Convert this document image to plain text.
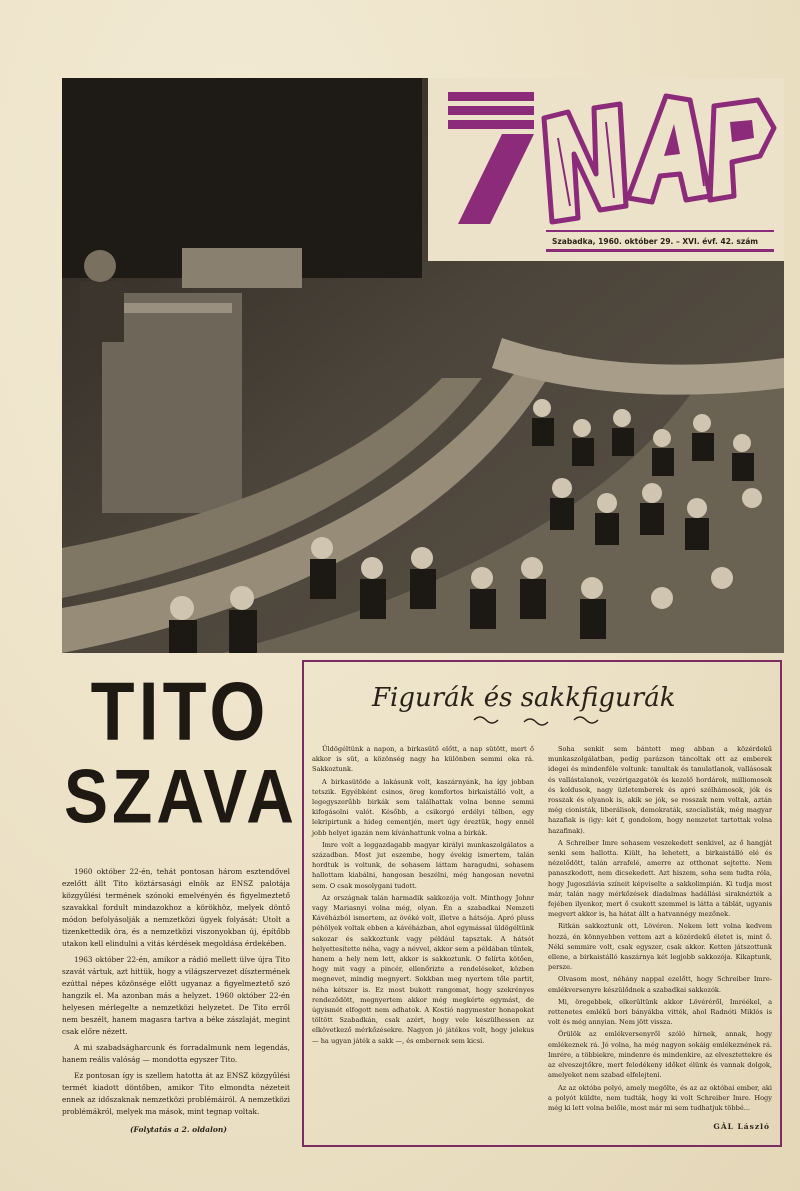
Szabadka, 1960. október 29. – XVI. évf. 42. szám
TITO
SZAVA

1960 október 22-én, tehát pontosan három esztendővel ezelőtt állt Tito köztársasági elnök az ENSZ palotája közgyűlési termének szónoki emelvényén és figyelmeztető szavakkal fordult mindazokhoz a körökhöz, melyek döntő módon befolyásolják a nemzetközi ügyek folyását: Utolt a tizenkettedik óra, és a nemzetközi viszonyokban új, építőbb utakon kell elindulni a vitás kérdések megoldása érdekében.

1963 október 22-én, amikor a rádió mellett ülve újra Tito szavát vártuk, azt hittük, hogy a világszervezet dísztermének ezúttal népes közönsége előtt ugyanaz a figyelmeztető szó hangzik el. Ma azonban más a helyzet. 1960 október 22-én helyesen mérlegelte a nemzetközi helyzetet. De Tito erről nem beszélt, hanem magasra tartva a béke zászlaját, megint csak előre nézett.

A mi szabadságharcunk és forradalmunk nem legendás, hanem reális valóság — mondotta egyszer Tito.

Ez pontosan így is szellem hatotta át az ENSZ közgyűlési termét kiadott döntőben, amikor Tito elmondta nézeteit ennek az időszaknak nemzetközi problémáiról. A nemzetközi problémákról, melyek ma mások, mint tegnap voltak.

(Folytatás a 2. oldalon)
Figurák és sakkfigurák

Üldögéltünk a napon, a birkasütő előtt, a nap sütött, mert ő akkor is süt, a közönség nagy ha különben semmi oka rá. Sakkoztunk.

A birkasütöde a lakásunk volt, kaszárnyánk, ha így jobban tetszik. Egyébként csinos, öreg komfortos birkaistálló volt, a legegyszerűbb birkák sem találhattak volna benne semmi kifogásolni valót. Később, a csikorgó erdélyi télben, egy lekripirtunk a hideg cementjén, mert úgy éreztük, hogy ennél jobb helyet igazán nem kívánhattunk volna a birkák.

Imre volt a leggazdagabb magyar királyi munkaszolgálatos a században. Most jut eszembe, hogy évekig ismertem, talán hordtuk is voltunk, de sohasem láttam haragudni, sohasem hallottam kiabálni, hangosan beszélni, még hangosan nevetni sem. O csak mosolygani tudott.

Az országnak talán harmadik sakkozója volt. Minthogy Johnr vagy Mariasnyi volna még, olyan. Én a szabadkai Nemzeti Kávéházból ismertem, az övéké volt, illetve a hátsója. Apró pluss péhölyek voltak ebben a kávéházban, ahol egymással üldögéltünk sakozar és sakkoztunk vagy például tapsztak. A hátsót helyettesítette néha, vagy a névvel, akkor sem a példában tűntek, hanem a hely nem lett, akkor is sakkoztunk. O felírta kötően, hogy mit vagy a pincér, ellenőrizte a rendeléseket, közben megnevet, mindig megnyert. Sokkban meg nyertem tőle partit, néha kétszer is. Ez most bukott rangomat, hogy szekrényes rendeződött, megnyertem akkor még megkérte egymást, de úgyismét elfogott nem adhatok. A Kostió nagymester honapokat töltött Szabadkán, csak azért, hogy vele készülhessen az elkövetkező mérkőzésekre. Nagyon jó játékos volt, hogy jelekus — ha ugyan játék a sakk —, és embernek sem kicsi.

Soha senkit sem bántott meg abban a közérdekű munkaszolgálatban, pedig parázson táncoltak ott az emberek idegei és mindenféle voltunk: tanultak és tanulatlanok, vallásosak és vallástalanok, vezérigazgatók és kezelő hordárok, milliomosok és koldusok, nagy üzletemberek és apró szélhámosok, jók és rosszak és olyanok is, akik se jók, se rosszak nem voltak, aztán még cionisták, liberálisok, demokraták, szocialisták, még magyar hazafiak is (igy: két f, gondolom, hogy nemzetet tartottak volna hazafinak).

A Schreiber Imre sohasem veszekedett senkivel, az ő hangját senki sem hallotta. Kiült, ha lehetett, a birkaistálló elé és nézelődött, talán arrafelé, amerre az otthonat sejtette. Nem panaszkodott, nem dicsekedett. Azt hiszem, soha sem tudta róla, hogy Jugoszlávia színeit képviselte a sakkolimpián. Ki tudja most már, talán nagy mérkőzések diadalmas hadállási siraknézték a fejében ilyenkor, mert ő csukott szemmel is látta a táblát, ugyanis megvert akkor is, ha hátat állt a hatvannégy mezőnek.

Ritkán sakkoztunk ott, Lövéren. Nekem lett volna kedvem hozzá, én könnyebben vettem azt a közérdekű életet is, mint ő. Néki semmire volt, csak egyszer, csak akkor. Ketten játszottunk ellene, a birkaistálló kaszárnya két legjobb sakkozója. Kikaptunk, persze.

Olvasom most, néhány nappal ezelőtt, hogy Schreiber Imre-emlékversenyre készülődnek a szabadkai sakkozók.

Mi, öregebbek, elkerültünk akkor Lövéréről, Imréékel, a rettenetes emlékű bori bányákba vitték, ahol Radnóti Miklós is volt és még annyian. Nem jött vissza.

Örülök az emlékversenyről szóló hírnek, annak, hogy emlékeznek rá. Jó volna, ha még nagyon sokáig emlékeznének rá. Imrére, a többiekre, mindenre és mindenkire, az elvesztettekre és az elveszejtőkre, mert feledékeny időket élünk és vannak dolgok, amelyeket nem szabad elfelejteni.

Az az októba polyó, amely megölte, és az az októbai ember, aki a polyót küldte, nem tudták, hogy ki volt Schreiber Imre. Hogy még ki lett volna belőle, most már mi sem tudhatjuk többé...

GÁL László
